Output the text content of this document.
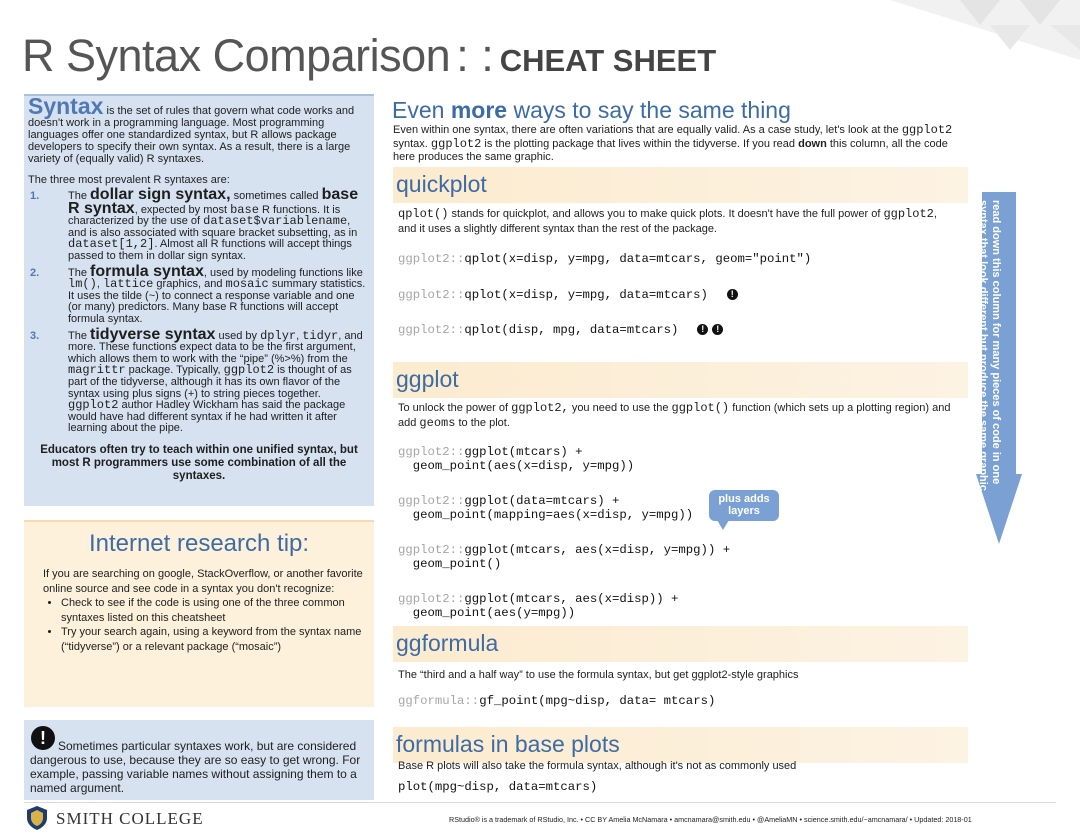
R Syntax Comparison : : CHEAT SHEET
Syntax is the set of rules that govern what code works and doesn't work in a programming language. Most programming languages offer one standardized syntax, but R allows package developers to specify their own syntax. As a result, there is a large variety of (equally valid) R syntaxes.
The three most prevalent R syntaxes are:
1.	The dollar sign syntax, sometimes called base R syntax, expected by most base R functions. It is characterized by the use of dataset$variablename, and is also associated with square bracket subsetting, as in dataset[1,2]. Almost all R functions will accept things passed to them in dollar sign syntax.
2.	The formula syntax, used by modeling functions like lm(), lattice graphics, and mosaic summary statistics. It uses the tilde (~) to connect a response variable and one (or many) predictors. Many base R functions will accept formula syntax.
3.	The tidyverse syntax used by dplyr, tidyr, and more. These functions expect data to be the first argument, which allows them to work with the “pipe” (%>%) from the magrittr package. Typically, ggplot2 is thought of as part of the tidyverse, although it has its own flavor of the syntax using plus signs (+) to string pieces together. ggplot2 author Hadley Wickham has said the package would have had different syntax if he had written it after learning about the pipe.
Educators often try to teach within one unified syntax, but most R programmers use some combination of all the syntaxes.
Internet research tip:
If you are searching on google, StackOverflow, or another favorite online source and see code in a syntax you don't recognize:
• Check to see if the code is using one of the three common syntaxes listed on this cheatsheet
• Try your search again, using a keyword from the syntax name (“tidyverse”) or a relevant package (“mosaic”)
!	Sometimes particular syntaxes work, but are considered dangerous to use, because they are so easy to get wrong. For example, passing variable names without assigning them to a named argument.
Even more ways to say the same thing
Even within one syntax, there are often variations that are equally valid. As a case study, let's look at the ggplot2 syntax. ggplot2 is the plotting package that lives within the tidyverse. If you read down this column, all the code here produces the same graphic.
quickplot
qplot() stands for quickplot, and allows you to make quick plots. It doesn't have the full power of ggplot2, and it uses a slightly different syntax than the rest of the package.
ggplot2::qplot(x=disp, y=mpg, data=mtcars, geom="point")
ggplot2::qplot(x=disp, y=mpg, data=mtcars)	!
ggplot2::qplot(disp, mpg, data=mtcars)	! !
ggplot
To unlock the power of ggplot2, you need to use the ggplot() function (which sets up a plotting region) and add geoms to the plot.
ggplot2::ggplot(mtcars) +
geom_point(aes(x=disp, y=mpg))
ggplot2::ggplot(data=mtcars) +
geom_point(mapping=aes(x=disp, y=mpg))
ggplot2::ggplot(mtcars, aes(x=disp, y=mpg)) +
geom_point()
ggplot2::ggplot(mtcars, aes(x=disp)) +
geom_point(aes(y=mpg))
plus adds layers
ggformula
The “third and a half way” to use the formula syntax, but get ggplot2-style graphics
ggformula::gf_point(mpg~disp, data= mtcars)
formulas in base plots
Base R plots will also take the formula syntax, although it's not as commonly used
plot(mpg~disp, data=mtcars)
read down this column for many pieces of code in one syntax that look different but produce the same graphic
SMITH COLLEGE	RStudio® is a trademark of RStudio, Inc. • CC BY Amelia McNamara • amcnamara@smith.edu • @AmeliaMN • science.smith.edu/~amcnamara/ • Updated: 2018-01
